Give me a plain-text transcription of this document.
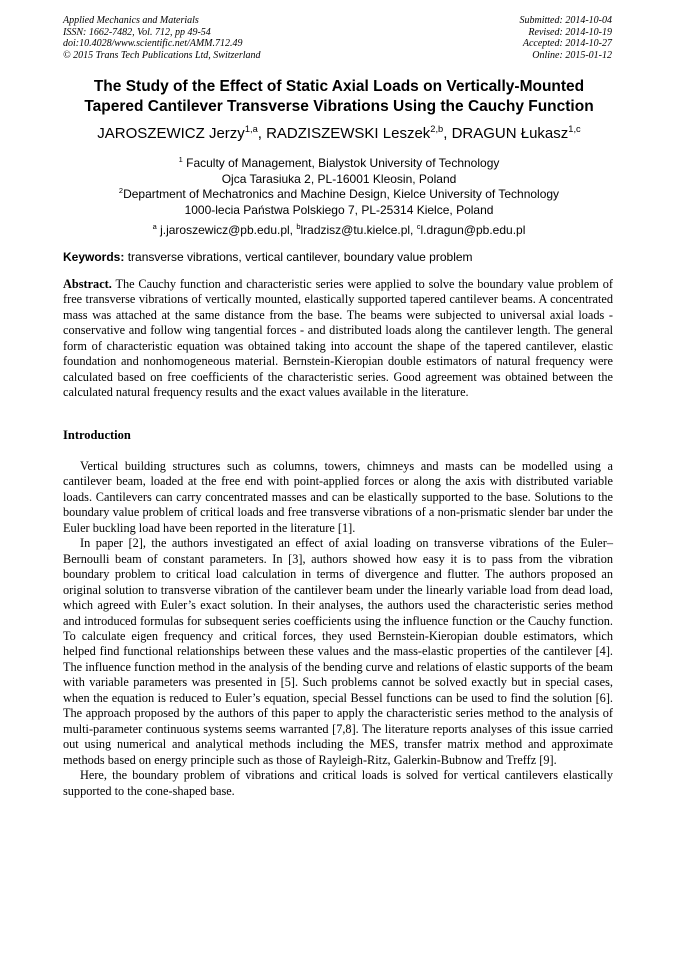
Applied Mechanics and Materials
ISSN: 1662-7482, Vol. 712, pp 49-54
doi:10.4028/www.scientific.net/AMM.712.49
© 2015 Trans Tech Publications Ltd, Switzerland
Submitted: 2014-10-04
Revised: 2014-10-19
Accepted: 2014-10-27
Online: 2015-01-12
The Study of the Effect of Static Axial Loads on Vertically-Mounted
Tapered Cantilever Transverse Vibrations Using the Cauchy Function
JAROSZEWICZ Jerzy$^{1,a}$, RADZISZEWSKI Leszek$^{2,b}$, DRAGUN Łukasz$^{1,c}$
$^1$ Faculty of Management, Bialystok University of Technology
Ojca Tarasiuka 2, PL-16001 Kleosin, Poland
$^2$Department of Mechatronics and Machine Design, Kielce University of Technology
1000-lecia Państwa Polskiego 7, PL-25314 Kielce, Poland
$^a$ j.jaroszewicz@pb.edu.pl, $^b$lradzisz@tu.kielce.pl, $^c$l.dragun@pb.edu.pl
Keywords: transverse vibrations, vertical cantilever, boundary value problem
Abstract. The Cauchy function and characteristic series were applied to solve the boundary value problem of free transverse vibrations of vertically mounted, elastically supported tapered cantilever beams. A concentrated mass was attached at the same distance from the base. The beams were subjected to universal axial loads - conservative and follow wing tangential forces - and distributed loads along the cantilever length. The general form of characteristic equation was obtained taking into account the shape of the tapered cantilever, elastic foundation and nonhomogeneous material. Bernstein-Kieropian double estimators of natural frequency were calculated based on free coefficients of the characteristic series. Good agreement was obtained between the calculated natural frequency results and the exact values available in the literature.
Introduction

Vertical building structures such as columns, towers, chimneys and masts can be modelled using a cantilever beam, loaded at the free end with point-applied forces or along the axis with distributed variable loads. Cantilevers can carry concentrated masses and can be elastically supported to the base. Solutions to the boundary value problem of critical loads and free transverse vibrations of a non-prismatic slender bar under the Euler buckling load have been reported in the literature [1].

In paper [2], the authors investigated an effect of axial loading on transverse vibrations of the Euler–Bernoulli beam of constant parameters. In [3], authors showed how easy it is to pass from the vibration boundary problem to critical load calculation in terms of divergence and flutter. The authors proposed an original solution to transverse vibration of the cantilever beam under the linearly variable load from dead load, which agreed with Euler’s exact solution. In their analyses, the authors used the characteristic series method and introduced formulas for subsequent series coefficients using the influence function or the Cauchy function. To calculate eigen frequency and critical forces, they used Bernstein-Kieropian double estimators, which helped find functional relationships between these values and the mass-elastic properties of the cantilever [4]. The influence function method in the analysis of the bending curve and relations of elastic supports of the beam with variable parameters was presented in [5]. Such problems cannot be solved exactly but in special cases, when the equation is reduced to Euler’s equation, special Bessel functions can be used to find the solution [6]. The approach proposed by the authors of this paper to apply the characteristic series method to the analysis of multi-parameter continuous systems seems warranted [7,8]. The literature reports analyses of this issue carried out using numerical and analytical methods including the MES, transfer matrix method and approximate methods based on energy principle such as those of Rayleigh-Ritz, Galerkin-Bubnow and Treffz [9].

Here, the boundary problem of vibrations and critical loads is solved for vertical cantilevers elastically supported to the cone-shaped base.
